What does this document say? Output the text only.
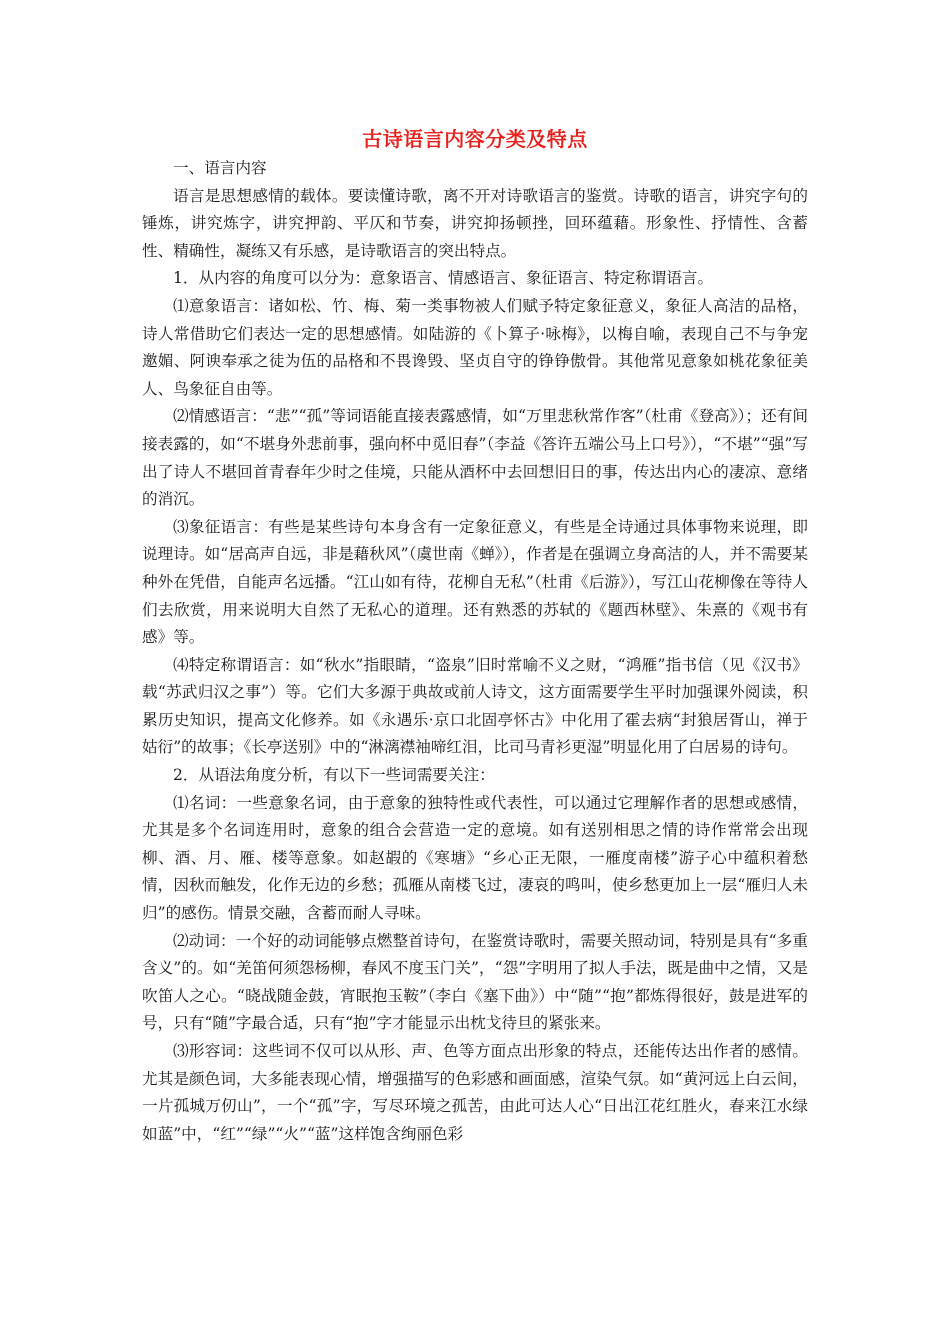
古诗语言内容分类及特点

一、语言内容

语言是思想感情的载体。要读懂诗歌，离不开对诗歌语言的鉴赏。诗歌的语言，讲究字句的锤炼，讲究炼字，讲究押韵、平仄和节奏，讲究抑扬顿挫，回环蕴藉。形象性、抒情性、含蓄性、精确性，凝练又有乐感，是诗歌语言的突出特点。

1．从内容的角度可以分为：意象语言、情感语言、象征语言、特定称谓语言。

⑴意象语言：诸如松、竹、梅、菊一类事物被人们赋予特定象征意义，象征人高洁的品格，诗人常借助它们表达一定的思想感情。如陆游的《卜算子·咏梅》，以梅自喻，表现自己不与争宠邀媚、阿谀奉承之徒为伍的品格和不畏谗毁、坚贞自守的铮铮傲骨。其他常见意象如桃花象征美人、鸟象征自由等。

⑵情感语言：“悲”“孤”等词语能直接表露感情，如“万里悲秋常作客”（杜甫《登高》）；还有间接表露的，如“不堪身外悲前事，强向杯中觅旧春”（李益《答许五端公马上口号》），“不堪”“强”写出了诗人不堪回首青春年少时之佳境，只能从酒杯中去回想旧日的事，传达出内心的凄凉、意绪的消沉。

⑶象征语言：有些是某些诗句本身含有一定象征意义，有些是全诗通过具体事物来说理，即说理诗。如“居高声自远，非是藉秋风”（虞世南《蝉》），作者是在强调立身高洁的人，并不需要某种外在凭借，自能声名远播。“江山如有待，花柳自无私”（杜甫《后游》），写江山花柳像在等待人们去欣赏，用来说明大自然了无私心的道理。还有熟悉的苏轼的《题西林壁》、朱熹的《观书有感》等。

⑷特定称谓语言：如“秋水”指眼睛，“盗泉”旧时常喻不义之财，“鸿雁”指书信（见《汉书》载“苏武归汉之事”）等。它们大多源于典故或前人诗文，这方面需要学生平时加强课外阅读，积累历史知识，提高文化修养。如《永遇乐·京口北固亭怀古》中化用了霍去病“封狼居胥山，禅于姑衍”的故事；《长亭送别》中的“淋漓襟袖啼红泪，比司马青衫更湿”明显化用了白居易的诗句。

2．从语法角度分析，有以下一些词需要关注：

⑴名词：一些意象名词，由于意象的独特性或代表性，可以通过它理解作者的思想或感情，尤其是多个名词连用时，意象的组合会营造一定的意境。如有送别相思之情的诗作常常会出现柳、酒、月、雁、楼等意象。如赵嘏的《寒塘》“乡心正无限，一雁度南楼”游子心中蕴积着愁情，因秋而触发，化作无边的乡愁；孤雁从南楼飞过，凄哀的鸣叫，使乡愁更加上一层“雁归人未归”的感伤。情景交融，含蓄而耐人寻味。

⑵动词：一个好的动词能够点燃整首诗句，在鉴赏诗歌时，需要关照动词，特别是具有“多重含义”的。如“羌笛何须怨杨柳，春风不度玉门关”，“怨”字明用了拟人手法，既是曲中之情，又是吹笛人之心。“晓战随金鼓，宵眠抱玉鞍”（李白《塞下曲》）中“随”“抱”都炼得很好，鼓是进军的号，只有“随”字最合适，只有“抱”字才能显示出枕戈待旦的紧张来。

⑶形容词：这些词不仅可以从形、声、色等方面点出形象的特点，还能传达出作者的感情。尤其是颜色词，大多能表现心情，增强描写的色彩感和画面感，渲染气氛。如“黄河远上白云间，一片孤城万仞山”，一个“孤”字，写尽环境之孤苦，由此可达人心“日出江花红胜火，春来江水绿如蓝”中，“红”“绿”“火”“蓝”这样饱含绚丽色彩
